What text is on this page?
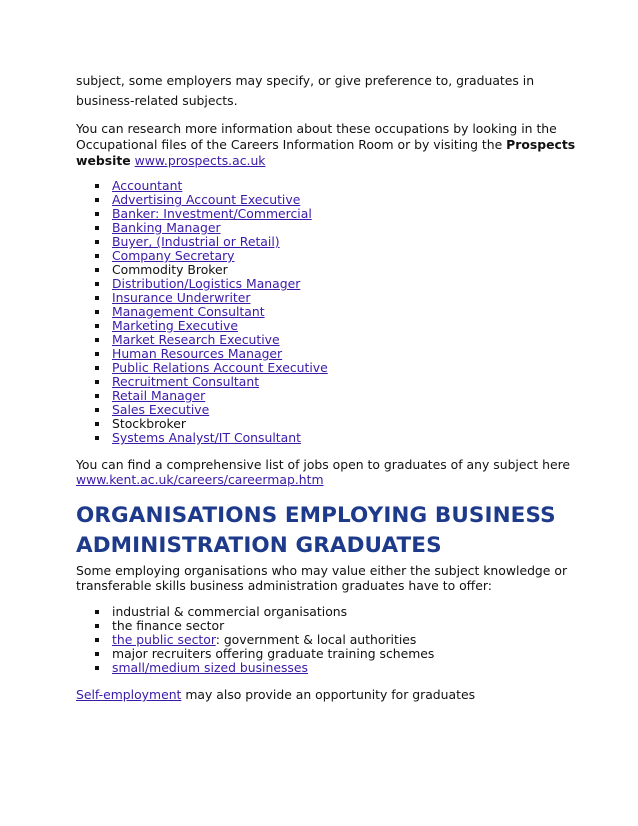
subject, some employers may specify, or give preference to, graduates in business-related subjects.

You can research more information about these occupations by looking in the Occupational files of the Careers Information Room or by visiting the Prospects website www.prospects.ac.uk

Accountant
Advertising Account Executive
Banker: Investment/Commercial
Banking Manager
Buyer, (Industrial or Retail)
Company Secretary
Commodity Broker
Distribution/Logistics Manager
Insurance Underwriter
Management Consultant
Marketing Executive
Market Research Executive
Human Resources Manager
Public Relations Account Executive
Recruitment Consultant
Retail Manager
Sales Executive
Stockbroker
Systems Analyst/IT Consultant

You can find a comprehensive list of jobs open to graduates of any subject here www.kent.ac.uk/careers/careermap.htm

ORGANISATIONS EMPLOYING BUSINESS ADMINISTRATION GRADUATES

Some employing organisations who may value either the subject knowledge or transferable skills business administration graduates have to offer:

industrial & commercial organisations
the finance sector
the public sector: government & local authorities
major recruiters offering graduate training schemes
small/medium sized businesses

Self-employment may also provide an opportunity for graduates
